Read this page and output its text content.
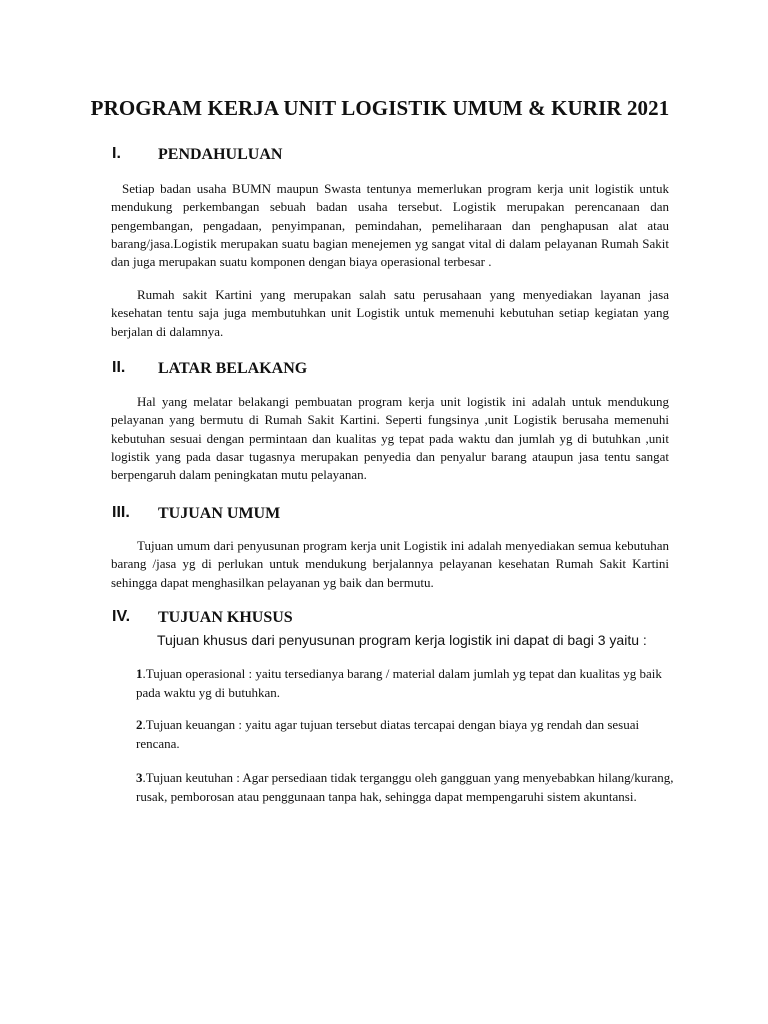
PROGRAM KERJA UNIT LOGISTIK UMUM & KURIR 2021
I. PENDAHULUAN

Setiap badan usaha BUMN maupun Swasta tentunya memerlukan program kerja unit logistik untuk mendukung perkembangan sebuah badan usaha tersebut. Logistik merupakan perencanaan dan pengembangan, pengadaan, penyimpanan, pemindahan, pemeliharaan dan penghapusan alat atau barang/jasa.Logistik merupakan suatu bagian menejemen yg sangat vital di dalam pelayanan Rumah Sakit dan juga merupakan suatu komponen dengan biaya operasional terbesar .

Rumah sakit Kartini yang merupakan salah satu perusahaan yang menyediakan layanan jasa kesehatan tentu saja juga membutuhkan unit Logistik untuk memenuhi kebutuhan setiap kegiatan yang berjalan di dalamnya.

II. LATAR BELAKANG

Hal yang melatar belakangi pembuatan program kerja unit logistik ini adalah untuk mendukung pelayanan yang bermutu di Rumah Sakit Kartini. Seperti fungsinya ,unit Logistik berusaha memenuhi kebutuhan sesuai dengan permintaan dan kualitas yg tepat pada waktu dan jumlah yg di butuhkan ,unit logistik yang pada dasar tugasnya merupakan penyedia dan penyalur barang ataupun jasa tentu sangat berpengaruh dalam peningkatan mutu pelayanan.

III. TUJUAN UMUM

Tujuan umum dari penyusunan program kerja unit Logistik ini adalah menyediakan semua kebutuhan barang /jasa yg di perlukan untuk mendukung berjalannya pelayanan kesehatan Rumah Sakit Kartini sehingga dapat menghasilkan pelayanan yg baik dan bermutu.

IV. TUJUAN KHUSUS
Tujuan khusus dari penyusunan program kerja logistik ini dapat di bagi 3 yaitu :
1.Tujuan operasional : yaitu tersedianya barang / material dalam jumlah yg tepat dan kualitas yg baik pada waktu yg di butuhkan.
2.Tujuan keuangan : yaitu agar tujuan tersebut diatas tercapai dengan biaya yg rendah dan sesuai rencana.
3.Tujuan keutuhan : Agar persediaan tidak terganggu oleh gangguan yang menyebabkan hilang/kurang, rusak, pemborosan atau penggunaan tanpa hak, sehingga dapat mempengaruhi sistem akuntansi.
